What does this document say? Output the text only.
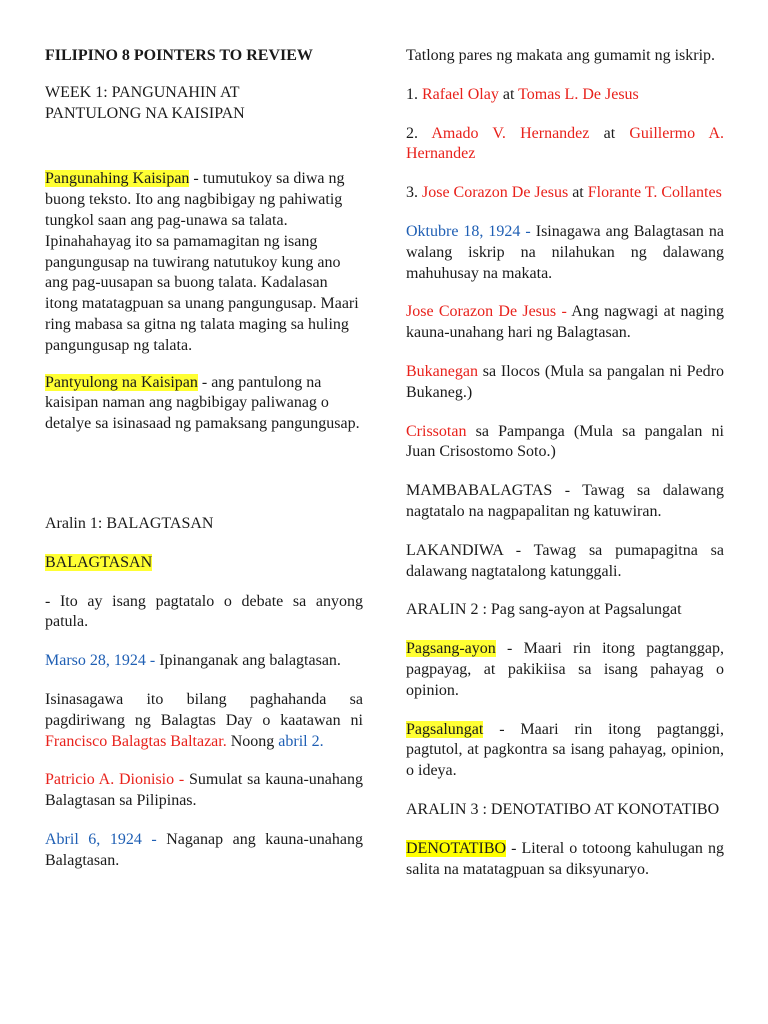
FILIPINO 8 POINTERS TO REVIEW

WEEK 1: PANGUNAHIN AT
PANTULONG NA KAISIPAN

Pangunahing Kaisipan - tumutukoy sa diwa ng buong teksto. Ito ang nagbibigay ng pahiwatig tungkol saan ang pag-unawa sa talata. Ipinahahayag ito sa pamamagitan ng isang pangungusap na tuwirang natutukoy kung ano ang pag-uusapan sa buong talata. Kadalasan itong matatagpuan sa unang pangungusap. Maari ring mabasa sa gitna ng talata maging sa huling pangungusap ng talata.

Pantyulong na Kaisipan - ang pantulong na kaisipan naman ang nagbibigay paliwanag o detalye sa isinasaad ng pamaksang pangungusap.

Aralin 1: BALAGTASAN

BALAGTASAN

- Ito ay isang pagtatalo o debate sa anyong patula.

Marso 28, 1924 - Ipinanganak ang balagtasan.

Isinasagawa ito bilang paghahanda sa pagdiriwang ng Balagtas Day o kaatawan ni Francisco Balagtas Baltazar. Noong abril 2.

Patricio A. Dionisio - Sumulat sa kauna-unahang Balagtasan sa Pilipinas.

Abril 6, 1924 - Naganap ang kauna-unahang Balagtasan.

Tatlong pares ng makata ang gumamit ng iskrip.

1. Rafael Olay at Tomas L. De Jesus

2. Amado V. Hernandez at Guillermo A. Hernandez

3. Jose Corazon De Jesus at Florante T. Collantes

Oktubre 18, 1924 - Isinagawa ang Balagtasan na walang iskrip na nilahukan ng dalawang mahuhusay na makata.

Jose Corazon De Jesus - Ang nagwagi at naging kauna-unahang hari ng Balagtasan.

Bukanegan sa Ilocos (Mula sa pangalan ni Pedro Bukaneg.)

Crissotan sa Pampanga (Mula sa pangalan ni Juan Crisostomo Soto.)

MAMBABALAGTAS - Tawag sa dalawang nagtatalo na nagpapalitan ng katuwiran.

LAKANDIWA - Tawag sa pumapagitna sa dalawang nagtatalong katunggali.

ARALIN 2 : Pag sang-ayon at Pagsalungat

Pagsang-ayon - Maari rin itong pagtanggap, pagpayag, at pakikiisa sa isang pahayag o opinion.

Pagsalungat - Maari rin itong pagtanggi, pagtutol, at pagkontra sa isang pahayag, opinion, o ideya.

ARALIN 3 : DENOTATIBO AT KONOTATIBO

DENOTATIBO - Literal o totoong kahulugan ng salita na matatagpuan sa diksyunaryo.
